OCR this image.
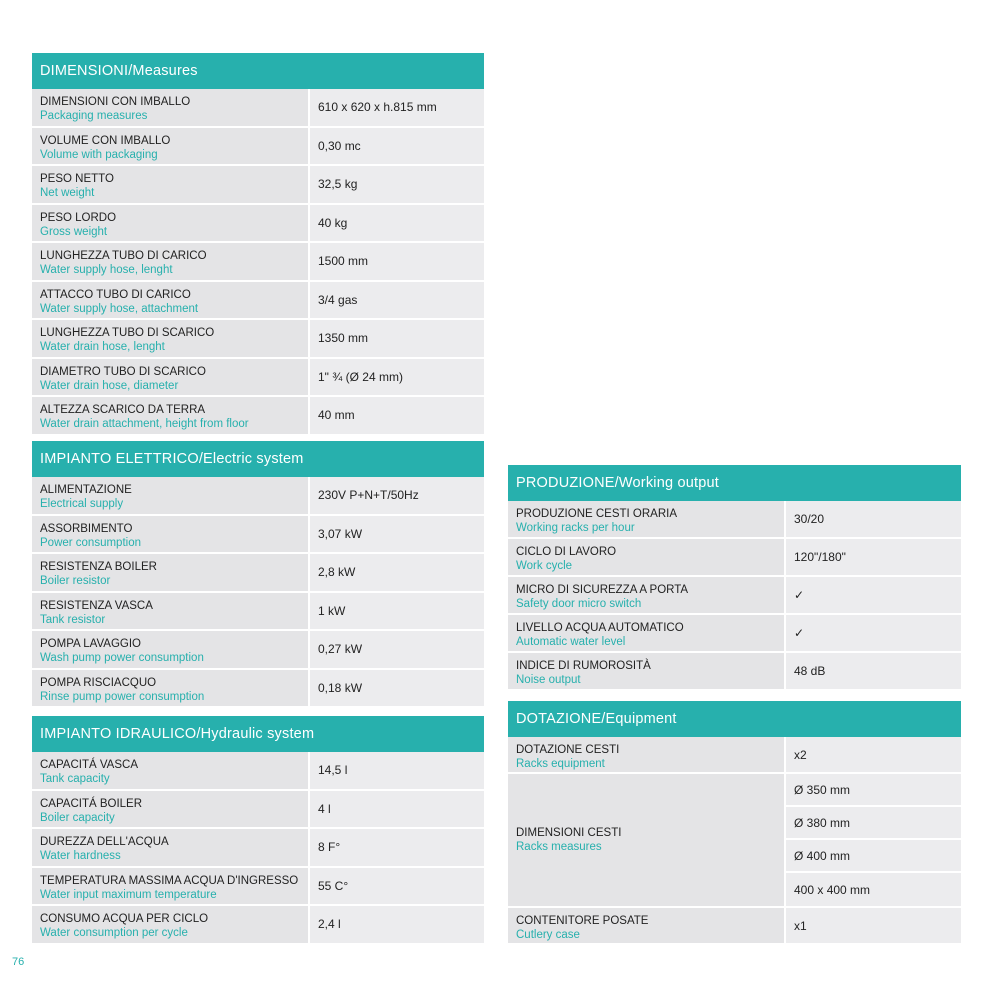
DIMENSIONI/Measures
DIMENSIONI CON IMBALLO
Packaging measures
610 x 620 x h.815 mm
VOLUME CON IMBALLO
Volume with packaging
0,30 mc
PESO NETTO
Net weight
32,5 kg
PESO LORDO
Gross weight
40 kg
LUNGHEZZA TUBO DI CARICO
Water supply hose, lenght
1500 mm
ATTACCO TUBO DI CARICO
Water supply hose, attachment
3/4 gas
LUNGHEZZA TUBO DI SCARICO
Water drain hose, lenght
1350 mm
DIAMETRO TUBO DI SCARICO
Water drain hose, diameter
1" ¾ (Ø 24 mm)
ALTEZZA SCARICO DA TERRA
Water drain attachment, height from floor
40 mm
IMPIANTO ELETTRICO/Electric system
ALIMENTAZIONE
Electrical supply
230V P+N+T/50Hz
ASSORBIMENTO
Power consumption
3,07 kW
RESISTENZA BOILER
Boiler resistor
2,8 kW
RESISTENZA VASCA
Tank resistor
1 kW
POMPA LAVAGGIO
Wash pump power consumption
0,27 kW
POMPA RISCIACQUO
Rinse pump power consumption
0,18 kW
IMPIANTO IDRAULICO/Hydraulic system
CAPACITÁ VASCA
Tank capacity
14,5 l
CAPACITÁ BOILER
Boiler capacity
4 l
DUREZZA DELL'ACQUA
Water hardness
8 F°
TEMPERATURA MASSIMA ACQUA D'INGRESSO
Water input maximum temperature
55 C°
CONSUMO ACQUA PER CICLO
Water consumption per cycle
2,4 l
PRODUZIONE/Working output
PRODUZIONE CESTI ORARIA
Working racks per hour
30/20
CICLO DI LAVORO
Work cycle
120"/180"
MICRO DI SICUREZZA A PORTA
Safety door micro switch
✓
LIVELLO ACQUA AUTOMATICO
Automatic water level
✓
INDICE DI RUMOROSITÀ
Noise output
48 dB
DOTAZIONE/Equipment
DOTAZIONE CESTI
Racks equipment
x2
DIMENSIONI CESTI
Racks measures
Ø 350 mm
Ø 380 mm
Ø 400 mm
400 x 400 mm
CONTENITORE POSATE
Cutlery case
x1
76
